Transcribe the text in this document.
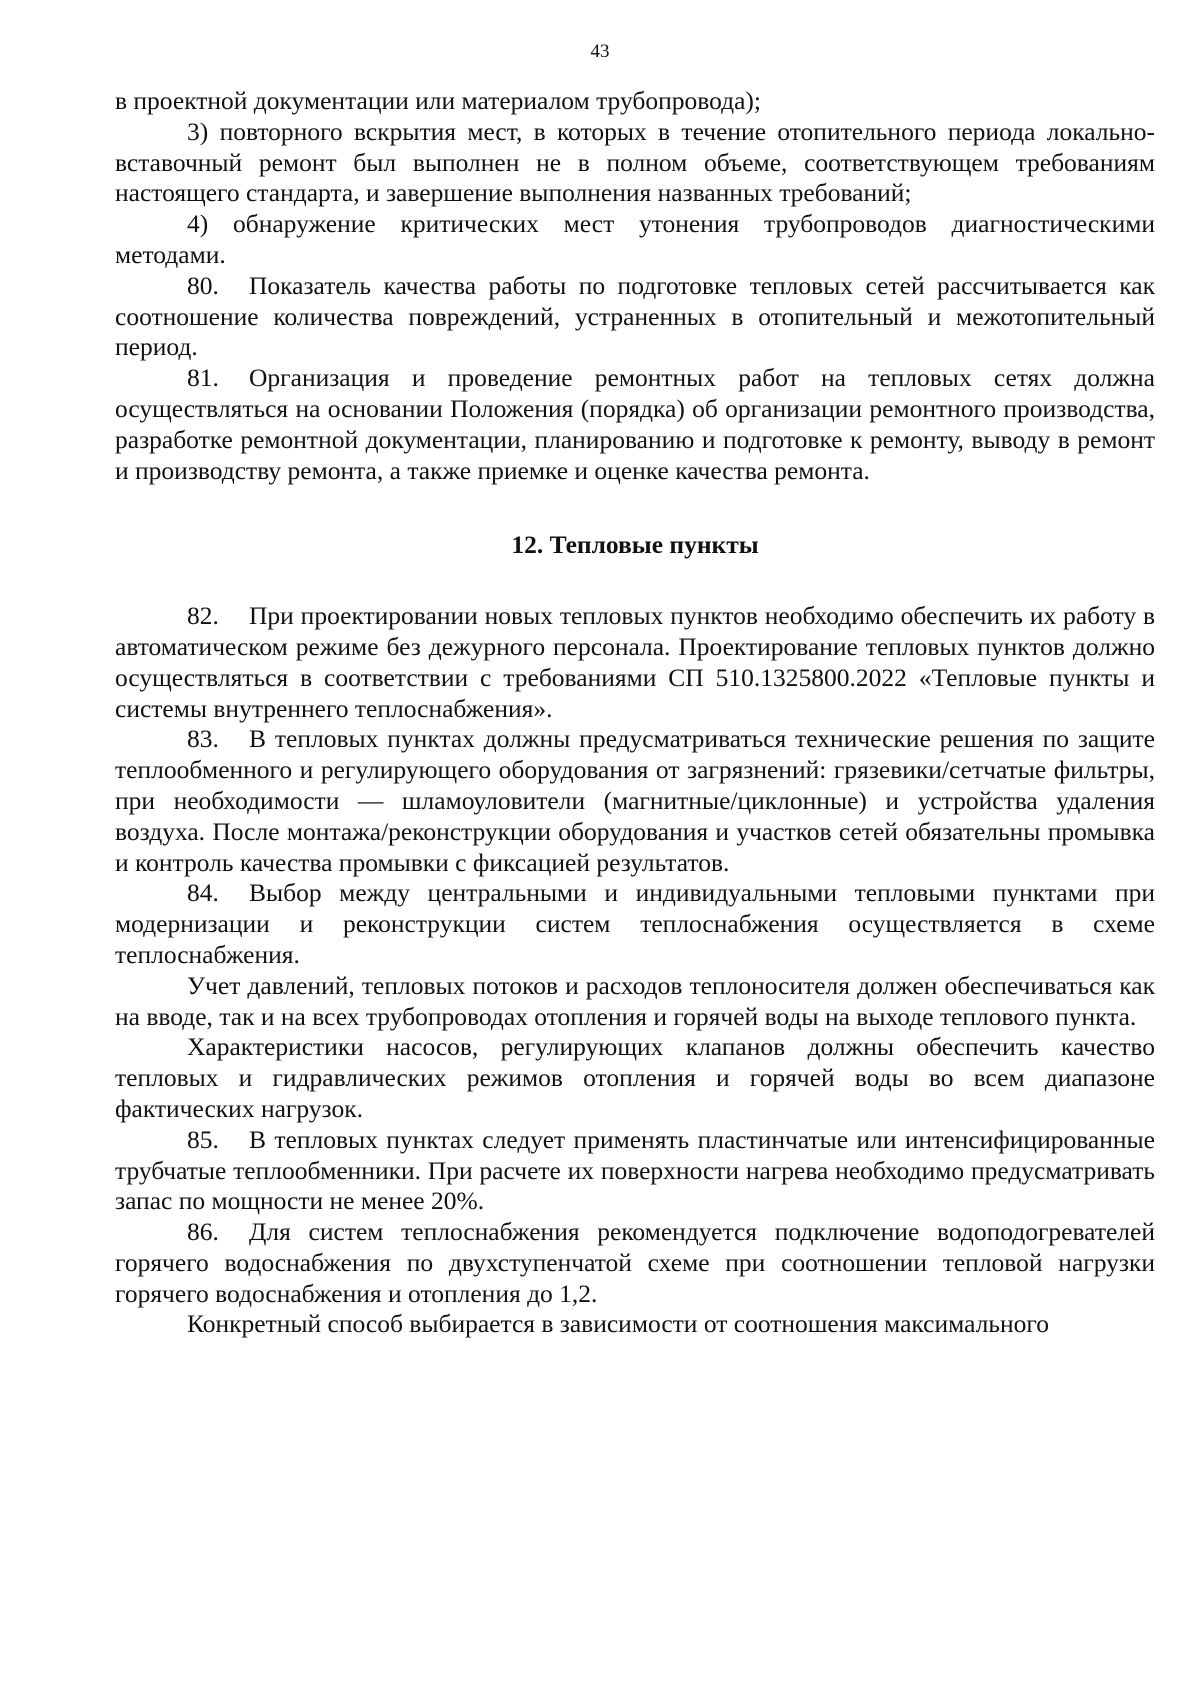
43

в проектной документации или материалом трубопровода);

3) повторного вскрытия мест, в которых в течение отопительного периода локально-вставочный ремонт был выполнен не в полном объеме, соответствующем требованиям настоящего стандарта, и завершение выполнения названных требований;

4) обнаружение критических мест утонения трубопроводов диагностическими методами.

80. Показатель качества работы по подготовке тепловых сетей рассчитывается как соотношение количества повреждений, устраненных в отопительный и межотопительный период.

81. Организация и проведение ремонтных работ на тепловых сетях должна осуществляться на основании Положения (порядка) об организации ремонтного производства, разработке ремонтной документации, планированию и подготовке к ремонту, выводу в ремонт и производству ремонта, а также приемке и оценке качества ремонта.

12. Тепловые пункты

82. При проектировании новых тепловых пунктов необходимо обеспечить их работу в автоматическом режиме без дежурного персонала. Проектирование тепловых пунктов должно осуществляться в соответствии с требованиями СП 510.1325800.2022 «Тепловые пункты и системы внутреннего теплоснабжения».

83. В тепловых пунктах должны предусматриваться технические решения по защите теплообменного и регулирующего оборудования от загрязнений: грязевики/сетчатые фильтры, при необходимости — шламоуловители (магнитные/циклонные) и устройства удаления воздуха. После монтажа/реконструкции оборудования и участков сетей обязательны промывка и контроль качества промывки с фиксацией результатов.

84. Выбор между центральными и индивидуальными тепловыми пунктами при модернизации и реконструкции систем теплоснабжения осуществляется в схеме теплоснабжения.

Учет давлений, тепловых потоков и расходов теплоносителя должен обеспечиваться как на вводе, так и на всех трубопроводах отопления и горячей воды на выходе теплового пункта.

Характеристики насосов, регулирующих клапанов должны обеспечить качество тепловых и гидравлических режимов отопления и горячей воды во всем диапазоне фактических нагрузок.

85. В тепловых пунктах следует применять пластинчатые или интенсифицированные трубчатые теплообменники. При расчете их поверхности нагрева необходимо предусматривать запас по мощности не менее 20%.

86. Для систем теплоснабжения рекомендуется подключение водоподогревателей горячего водоснабжения по двухступенчатой схеме при соотношении тепловой нагрузки горячего водоснабжения и отопления до 1,2.

Конкретный способ выбирается в зависимости от соотношения максимального
